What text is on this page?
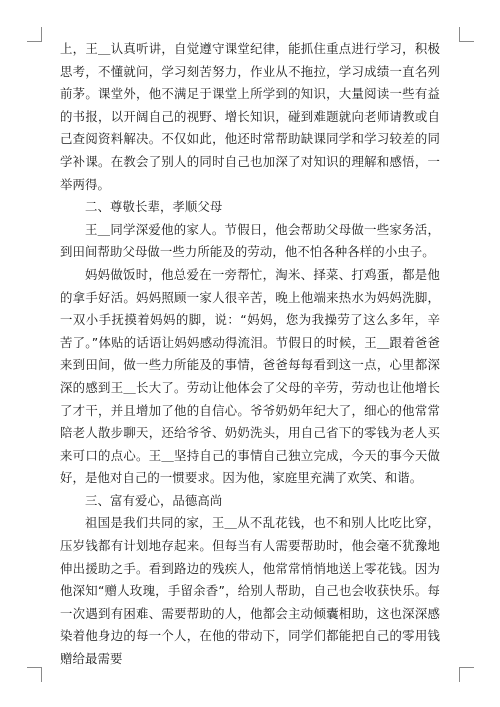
上，王＿认真听讲，自觉遵守课堂纪律，能抓住重点进行学习，积极思考，不懂就问，学习刻苦努力，作业从不拖拉，学习成绩一直名列前茅。课堂外，他不满足于课堂上所学到的知识，大量阅读一些有益的书报，以开阔自己的视野、增长知识，碰到难题就向老师请教或自己查阅资料解决。不仅如此，他还时常帮助缺课同学和学习较差的同学补课。在教会了别人的同时自己也加深了对知识的理解和感悟，一举两得。

二、尊敬长辈，孝顺父母

王＿同学深爱他的家人。节假日，他会帮助父母做一些家务活，到田间帮助父母做一些力所能及的劳动，他不怕各种各样的小虫子。

妈妈做饭时，他总爱在一旁帮忙，淘米、择菜、打鸡蛋，都是他的拿手好活。妈妈照顾一家人很辛苦，晚上他端来热水为妈妈洗脚，一双小手抚摸着妈妈的脚，说：“妈妈，您为我操劳了这么多年，辛苦了。”体贴的话语让妈妈感动得流泪。节假日的时候，王＿跟着爸爸来到田间，做一些力所能及的事情，爸爸每每看到这一点，心里都深深的感到王＿长大了。劳动让他体会了父母的辛劳，劳动也让他增长了才干，并且增加了他的自信心。爷爷奶奶年纪大了，细心的他常常陪老人散步聊天，还给爷爷、奶奶洗头，用自己省下的零钱为老人买来可口的点心。王＿坚持自己的事情自己独立完成，今天的事今天做好，是他对自己的一惯要求。因为他，家庭里充满了欢笑、和谐。

三、富有爱心，品德高尚

祖国是我们共同的家，王＿从不乱花钱，也不和别人比吃比穿，压岁钱都有计划地存起来。但每当有人需要帮助时，他会毫不犹豫地伸出援助之手。看到路边的残疾人，他常常悄悄地送上零花钱。因为他深知“赠人玫瑰，手留余香”，给别人帮助，自己也会收获快乐。每一次遇到有困难、需要帮助的人，他都会主动倾囊相助，这也深深感染着他身边的每一个人，在他的带动下，同学们都能把自己的零用钱赠给最需要
